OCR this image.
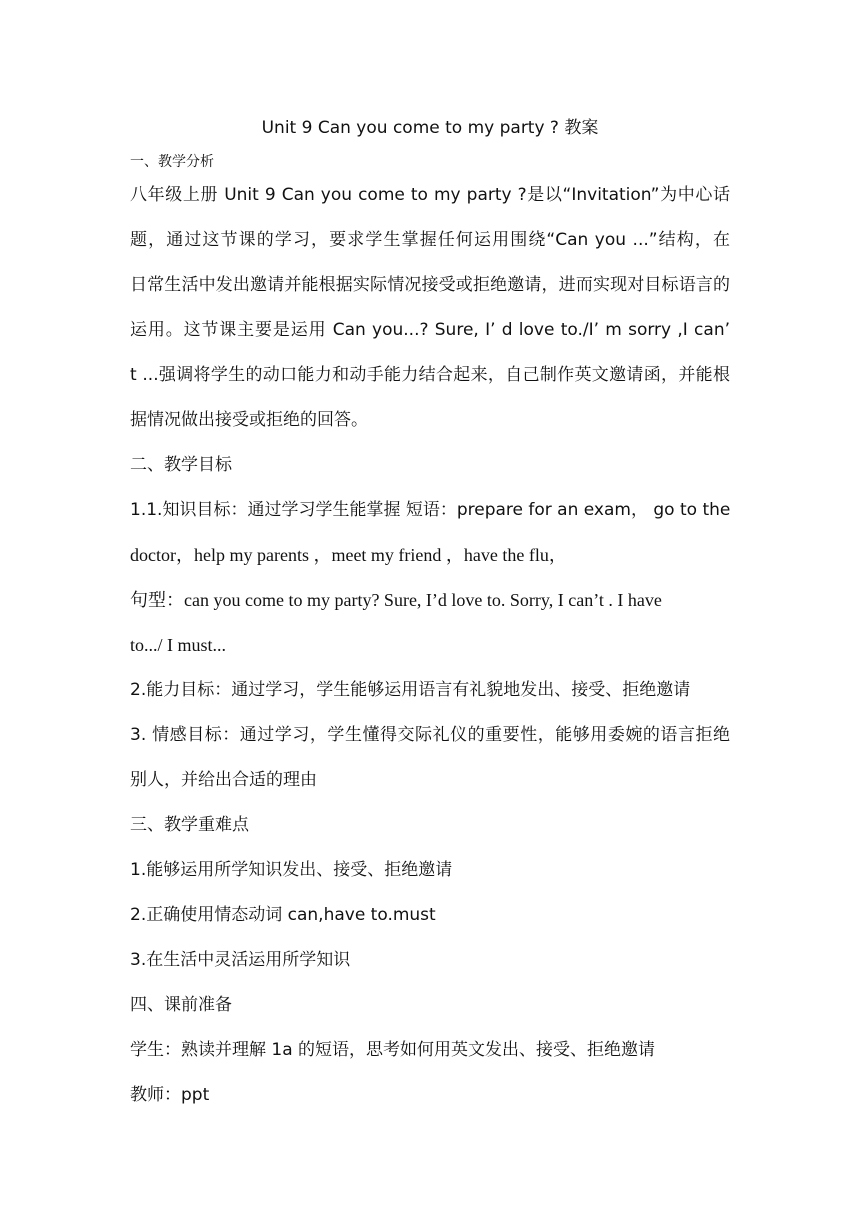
Unit 9 Can you come to my party ? 教案
一、教学分析
八年级上册 Unit 9 Can you come to my party ?是以“Invitation”为中心话
题，通过这节课的学习，要求学生掌握任何运用围绕“Can you ...”结构，在
日常生活中发出邀请并能根据实际情况接受或拒绝邀请，进而实现对目标语言的
运用。这节课主要是运用 Can you...? Sure, I’ d love to./I’ m sorry ,I can’
t ...强调将学生的动口能力和动手能力结合起来，自己制作英文邀请函，并能根
据情况做出接受或拒绝的回答。
二、教学目标
1.1.知识目标：通过学习学生能掌握 短语：prepare for an exam， go to the
doctor，help my parents ，meet my friend ，have the flu，
句型：can you come to my party? Sure, I’d love to. Sorry, I can’t . I have
to.../ I must...
2.能力目标：通过学习，学生能够运用语言有礼貌地发出、接受、拒绝邀请
3. 情感目标：通过学习，学生懂得交际礼仪的重要性，能够用委婉的语言拒绝
别人，并给出合适的理由
三、教学重难点
1.能够运用所学知识发出、接受、拒绝邀请
2.正确使用情态动词 can,have to.must
3.在生活中灵活运用所学知识
四、课前准备
学生：熟读并理解 1a 的短语，思考如何用英文发出、接受、拒绝邀请
教师：ppt
